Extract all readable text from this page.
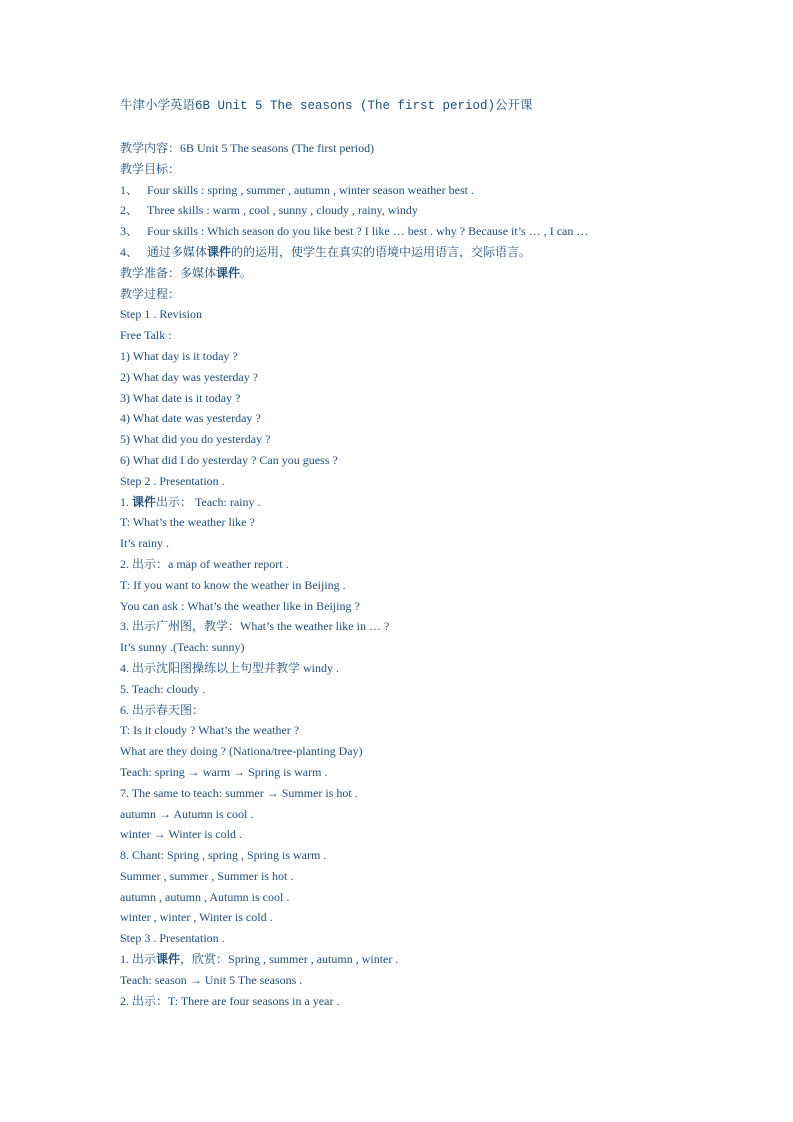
牛津小学英语6B Unit 5 The seasons (The first period)公开课
教学内容：6B Unit 5 The seasons (The first period)
教学目标：
1、 Four skills : spring , summer , autumn , winter season weather best .
2、 Three skills : warm , cool , sunny , cloudy , rainy, windy
3、 Four skills : Which season do you like best ? I like … best . why ? Because it’s … , I can …
4、 通过多媒体课件的的运用，使学生在真实的语境中运用语言，交际语言。
教学准备：多媒体课件。
教学过程：
Step 1 . Revision
Free Talk :
1) What day is it today ?
2) What day was yesterday ?
3) What date is it today ?
4) What date was yesterday ?
5) What did you do yesterday ?
6) What did I do yesterday ? Can you guess ?
Step 2 . Presentation .
1. 课件出示： Teach: rainy .
T: What’s the weather like ?
It’s rainy .
2. 出示：a map of weather report .
T: If you want to know the weather in Beijing .
You can ask : What’s the weather like in Beijing ?
3. 出示广州图，教学：What’s the weather like in … ?
It’s sunny .(Teach: sunny)
4. 出示沈阳图操练以上句型并教学 windy .
5. Teach: cloudy .
6. 出示春天图：
T: Is it cloudy ? What’s the weather ?
What are they doing ? (Nationa/tree-planting Day)
Teach: spring → warm → Spring is warm .
7. The same to teach: summer → Summer is hot .
autumn → Autumn is cool .
winter → Winter is cold .
8. Chant: Spring , spring , Spring is warm .
Summer , summer , Summer is hot .
autumn , autumn , Autumn is cool .
winter , winter , Winter is cold .
Step 3 . Presentation .
1. 出示课件，欣赏：Spring , summer , autumn , winter .
Teach: season → Unit 5 The seasons .
2. 出示：T: There are four seasons in a year .
